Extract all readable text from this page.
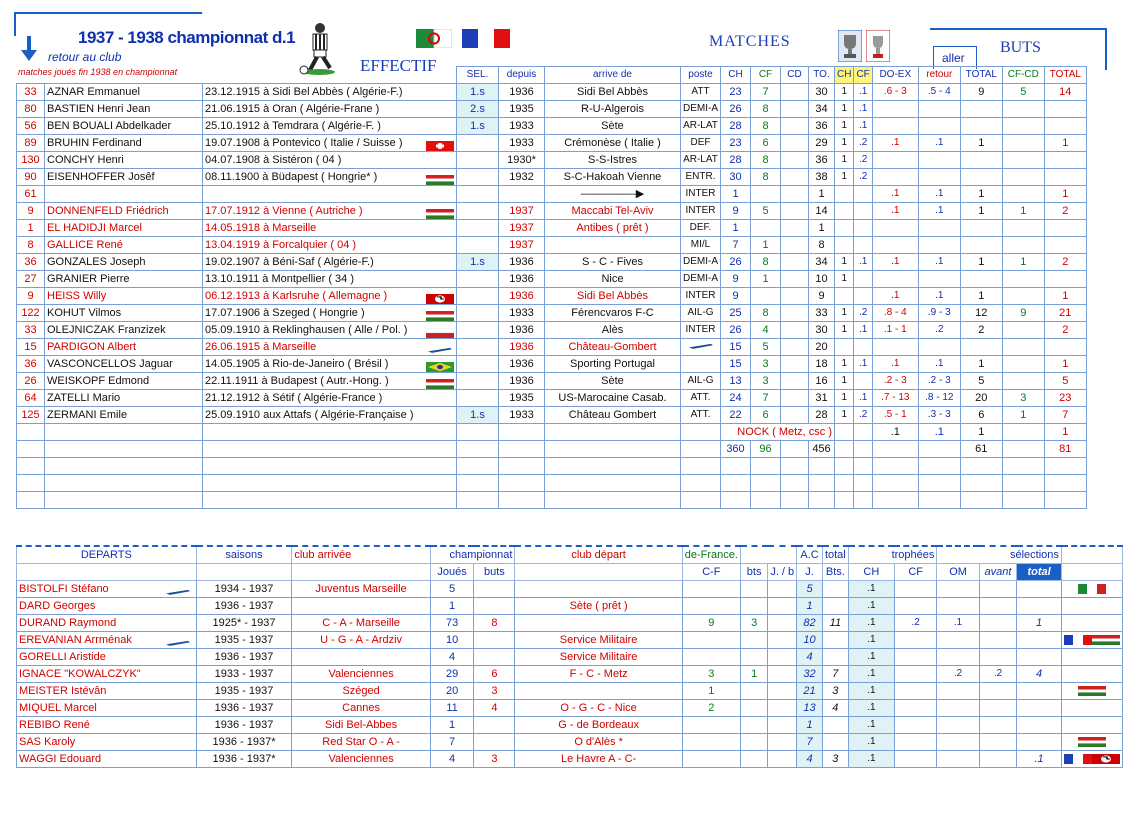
1937 - 1938 championnat d.1
retour au club
matches joués fin 1938 en championnat	EFFECTIF
MATCHES	BUTS
aller
			SEL.	depuis	arrive de	poste	CH	CF	CD	TO.	CH	CF	DO-EX	retour	TOTAL	CF-CD	TOTAL
33	AZNAR Emmanuel	23.12.1915 à Sidi Bel Abbès ( Algérie-F.)	1.s	1936	Sidi Bel Abbès	ATT	23	7		30	1	.1	.6 - 3	.5 - 4	9	5	14
80	BASTIEN Henri Jean	21.06.1915 à Oran ( Algérie-Frane )	2.s	1935	R-U-Algerois	DEMI-A	26	8		34	1	.1					
56	BEN BOUALI Abdelkader	25.10.1912 à Temdrara ( Algérie-F. )	1.s	1933	Sète	AR-LAT	28	8		36	1	.1					
89	BRUHIN Ferdinand	19.07.1908 à Pontevico ( Italie / Suisse )		1933	Crémonèse ( Italie )	DEF	23	6		29	1	.2	.1	.1	1		1
130	CONCHY Henri	04.07.1908 à Sistéron ( 04 )		1930*	S-S-Istres	AR-LAT	28	8		36	1	.2					
90	EISENHOFFER Josêf	08.11.1900 à Büdapest ( Hongrie* )		1932	S-C-Hakoah Vienne	ENTR.	30	8		38	1	.2					
61					—————▶	INTER	1			1			.1	.1	1		1
9	DONNENFELD Friédrich	17.07.1912 à Vienne ( Autriche )		1937	Maccabi Tel-Aviv	INTER	9	5		14			.1	.1	1	1	2
1	EL HADIDJI Marcel	14.05.1918 à Marseille		1937	Antibes ( prêt )	DEF.	1			1							
8	GALLICE René	13.04.1919 à Forcalquier ( 04 )		1937		MI/L	7	1		8							
36	GONZALES Joseph	19.02.1907 à Béni-Saf ( Algérie-F.)	1.s	1936	S - C - Fives	DEMI-A	26	8		34	1	.1	.1	.1	1	1	2
27	GRANIER Pierre	13.10.1911 à Montpellier ( 34 )		1936	Nice	DEMI-A	9	1		10	1						
9	HEISS Willy	06.12.1913 à Karlsruhe ( Allemagne )		1936	Sidi Bel Abbès	INTER	9			9			.1	.1	1		1
122	KOHUT Vilmos	17.07.1906 à Szeged ( Hongrie )		1933	Férencvaros F-C	AIL-G	25	8		33	1	.2	.8 - 4	.9 - 3	12	9	21
33	OLEJNICZAK Franzizek	05.09.1910 à Reklinghausen ( Alle / Pol. )		1936	Alès	INTER	26	4		30	1	.1	.1 - 1	.2	2		2
15	PARDIGON Albert	26.06.1915 à Marseille		1936	Château-Gombert		15	5		20							
36	VASCONCELLOS Jaguar	14.05.1905 à Rio-de-Janeiro ( Brésil )		1936	Sporting Portugal		15	3		18	1	.1	.1	.1	1		1
26	WEISKOPF Edmond	22.11.1911 à Budapest ( Autr.-Hong. )		1936	Sète	AIL-G	13	3		16	1		.2 - 3	.2 - 3	5		5
64	ZATELLI Mario	21.12.1912 à Sétif ( Algérie-France )		1935	US-Marocaine Casab.	ATT.	24	7		31	1	.1	.7 - 13	.8 - 12	20	3	23
125	ZERMANI Emile	25.09.1910 aux Attafs ( Algérie-Française )	1.s	1933	Château Gombert	ATT.	22	6		28	1	.2	.5 - 1	.3 - 3	6	1	7
							NOCK ( Metz, csc )						.1	.1	1		1
							360	96		456					61		81

DEPARTS	saisons	club arrivée	championnat		club départ	de-France.			A.C	total	trophées		sélections			
			Joués	buts		C-F	bts	J. / b	J.	Bts.	CH	CF	OM	avant	total	
BISTOLFI Stéfano	1934 - 1937	Juventus Marseille	5						5		.1					
DARD Georges	1936 - 1937		1		Sète ( prêt )				1		.1					
DURAND Raymond	1925* - 1937	C - A - Marseille	73	8		9	3		82	11	.1	.2	.1		1	
EREVANIAN Arrménak	1935 - 1937	U - G - A - Ardziv	10		Service Militaire				10		.1					
GORELLI Aristide	1936 - 1937		4		Service Militaire				4		.1					
IGNACE "KOWALCZYK"	1933 - 1937	Valenciennes	29	6	F - C - Metz	3	1		32	7	.1		.2	.2	4	
MEISTER Istévân	1935 - 1937	Széged	20	3		1			21	3	.1					
MIQUEL Marcel	1936 - 1937	Cannes	11	4	O - G - C - Nice	2			13	4	.1					
REBIBO René	1936 - 1937	Sidi Bel-Abbes	1		G - de Bordeaux				1		.1					
SAS Karoly	1936 - 1937*	Red Star O - A -	7		O d'Alès *				7		.1					
WAGGI Edouard	1936 - 1937*	Valenciennes	4	3	Le Havre A - C-				4	3	.1				.1	
